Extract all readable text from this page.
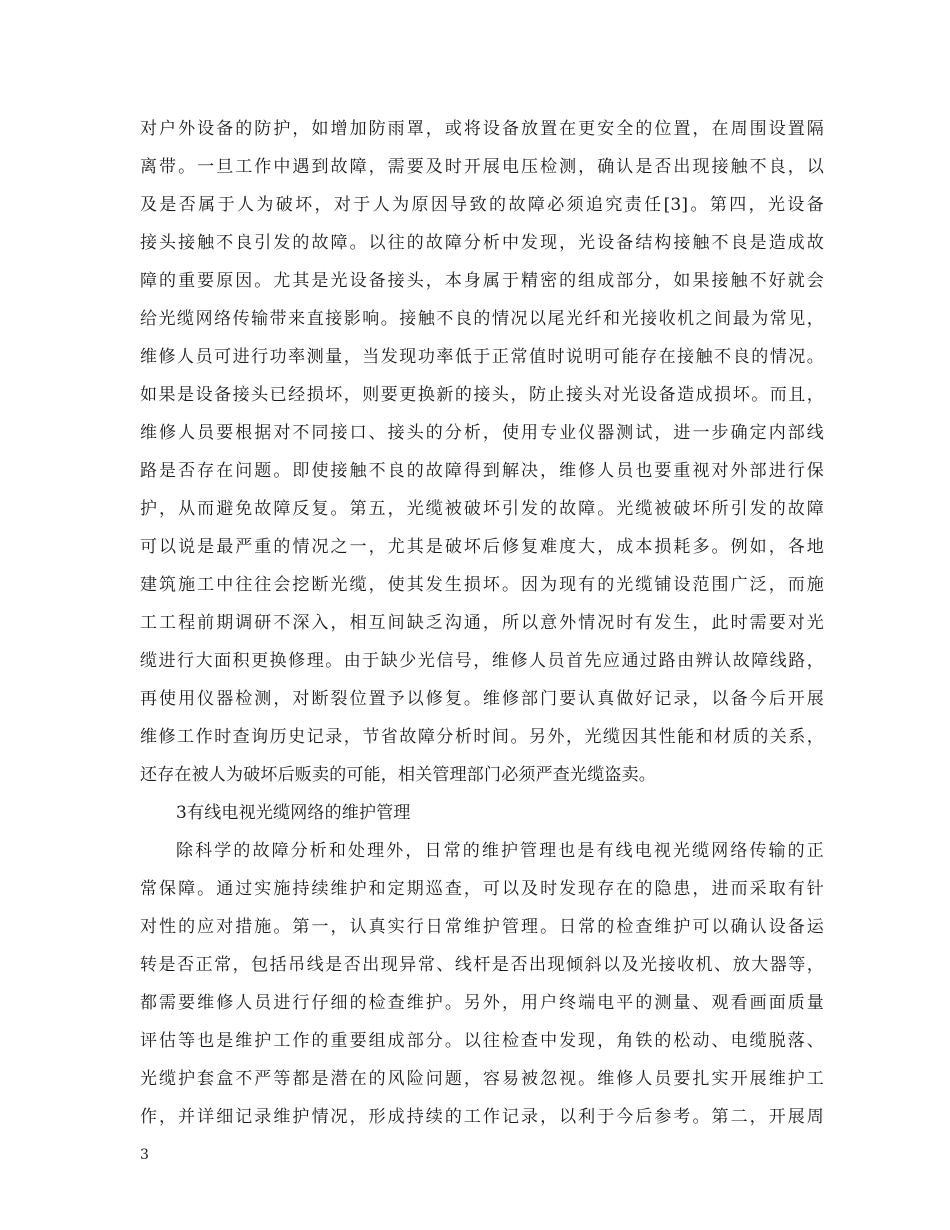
对户外设备的防护，如增加防雨罩，或将设备放置在更安全的位置，在周围设置隔
离带。一旦工作中遇到故障，需要及时开展电压检测，确认是否出现接触不良，以
及是否属于人为破坏，对于人为原因导致的故障必须追究责任[3]。第四，光设备
接头接触不良引发的故障。以往的故障分析中发现，光设备结构接触不良是造成故
障的重要原因。尤其是光设备接头，本身属于精密的组成部分，如果接触不好就会
给光缆网络传输带来直接影响。接触不良的情况以尾光纤和光接收机之间最为常见，
维修人员可进行功率测量，当发现功率低于正常值时说明可能存在接触不良的情况。
如果是设备接头已经损坏，则要更换新的接头，防止接头对光设备造成损坏。而且，
维修人员要根据对不同接口、接头的分析，使用专业仪器测试，进一步确定内部线
路是否存在问题。即使接触不良的故障得到解决，维修人员也要重视对外部进行保
护，从而避免故障反复。第五，光缆被破坏引发的故障。光缆被破坏所引发的故障
可以说是最严重的情况之一，尤其是破坏后修复难度大，成本损耗多。例如，各地
建筑施工中往往会挖断光缆，使其发生损坏。因为现有的光缆铺设范围广泛，而施
工工程前期调研不深入，相互间缺乏沟通，所以意外情况时有发生，此时需要对光
缆进行大面积更换修理。由于缺少光信号，维修人员首先应通过路由辨认故障线路，
再使用仪器检测，对断裂位置予以修复。维修部门要认真做好记录，以备今后开展
维修工作时查询历史记录，节省故障分析时间。另外，光缆因其性能和材质的关系，
还存在被人为破坏后贩卖的可能，相关管理部门必须严查光缆盗卖。
3有线电视光缆网络的维护管理
除科学的故障分析和处理外，日常的维护管理也是有线电视光缆网络传输的正
常保障。通过实施持续维护和定期巡查，可以及时发现存在的隐患，进而采取有针
对性的应对措施。第一，认真实行日常维护管理。日常的检查维护可以确认设备运
转是否正常，包括吊线是否出现异常、线杆是否出现倾斜以及光接收机、放大器等，
都需要维修人员进行仔细的检查维护。另外，用户终端电平的测量、观看画面质量
评估等也是维护工作的重要组成部分。以往检查中发现，角铁的松动、电缆脱落、
光缆护套盒不严等都是潜在的风险问题，容易被忽视。维修人员要扎实开展维护工
作，并详细记录维护情况，形成持续的工作记录，以利于今后参考。第二，开展周
3
